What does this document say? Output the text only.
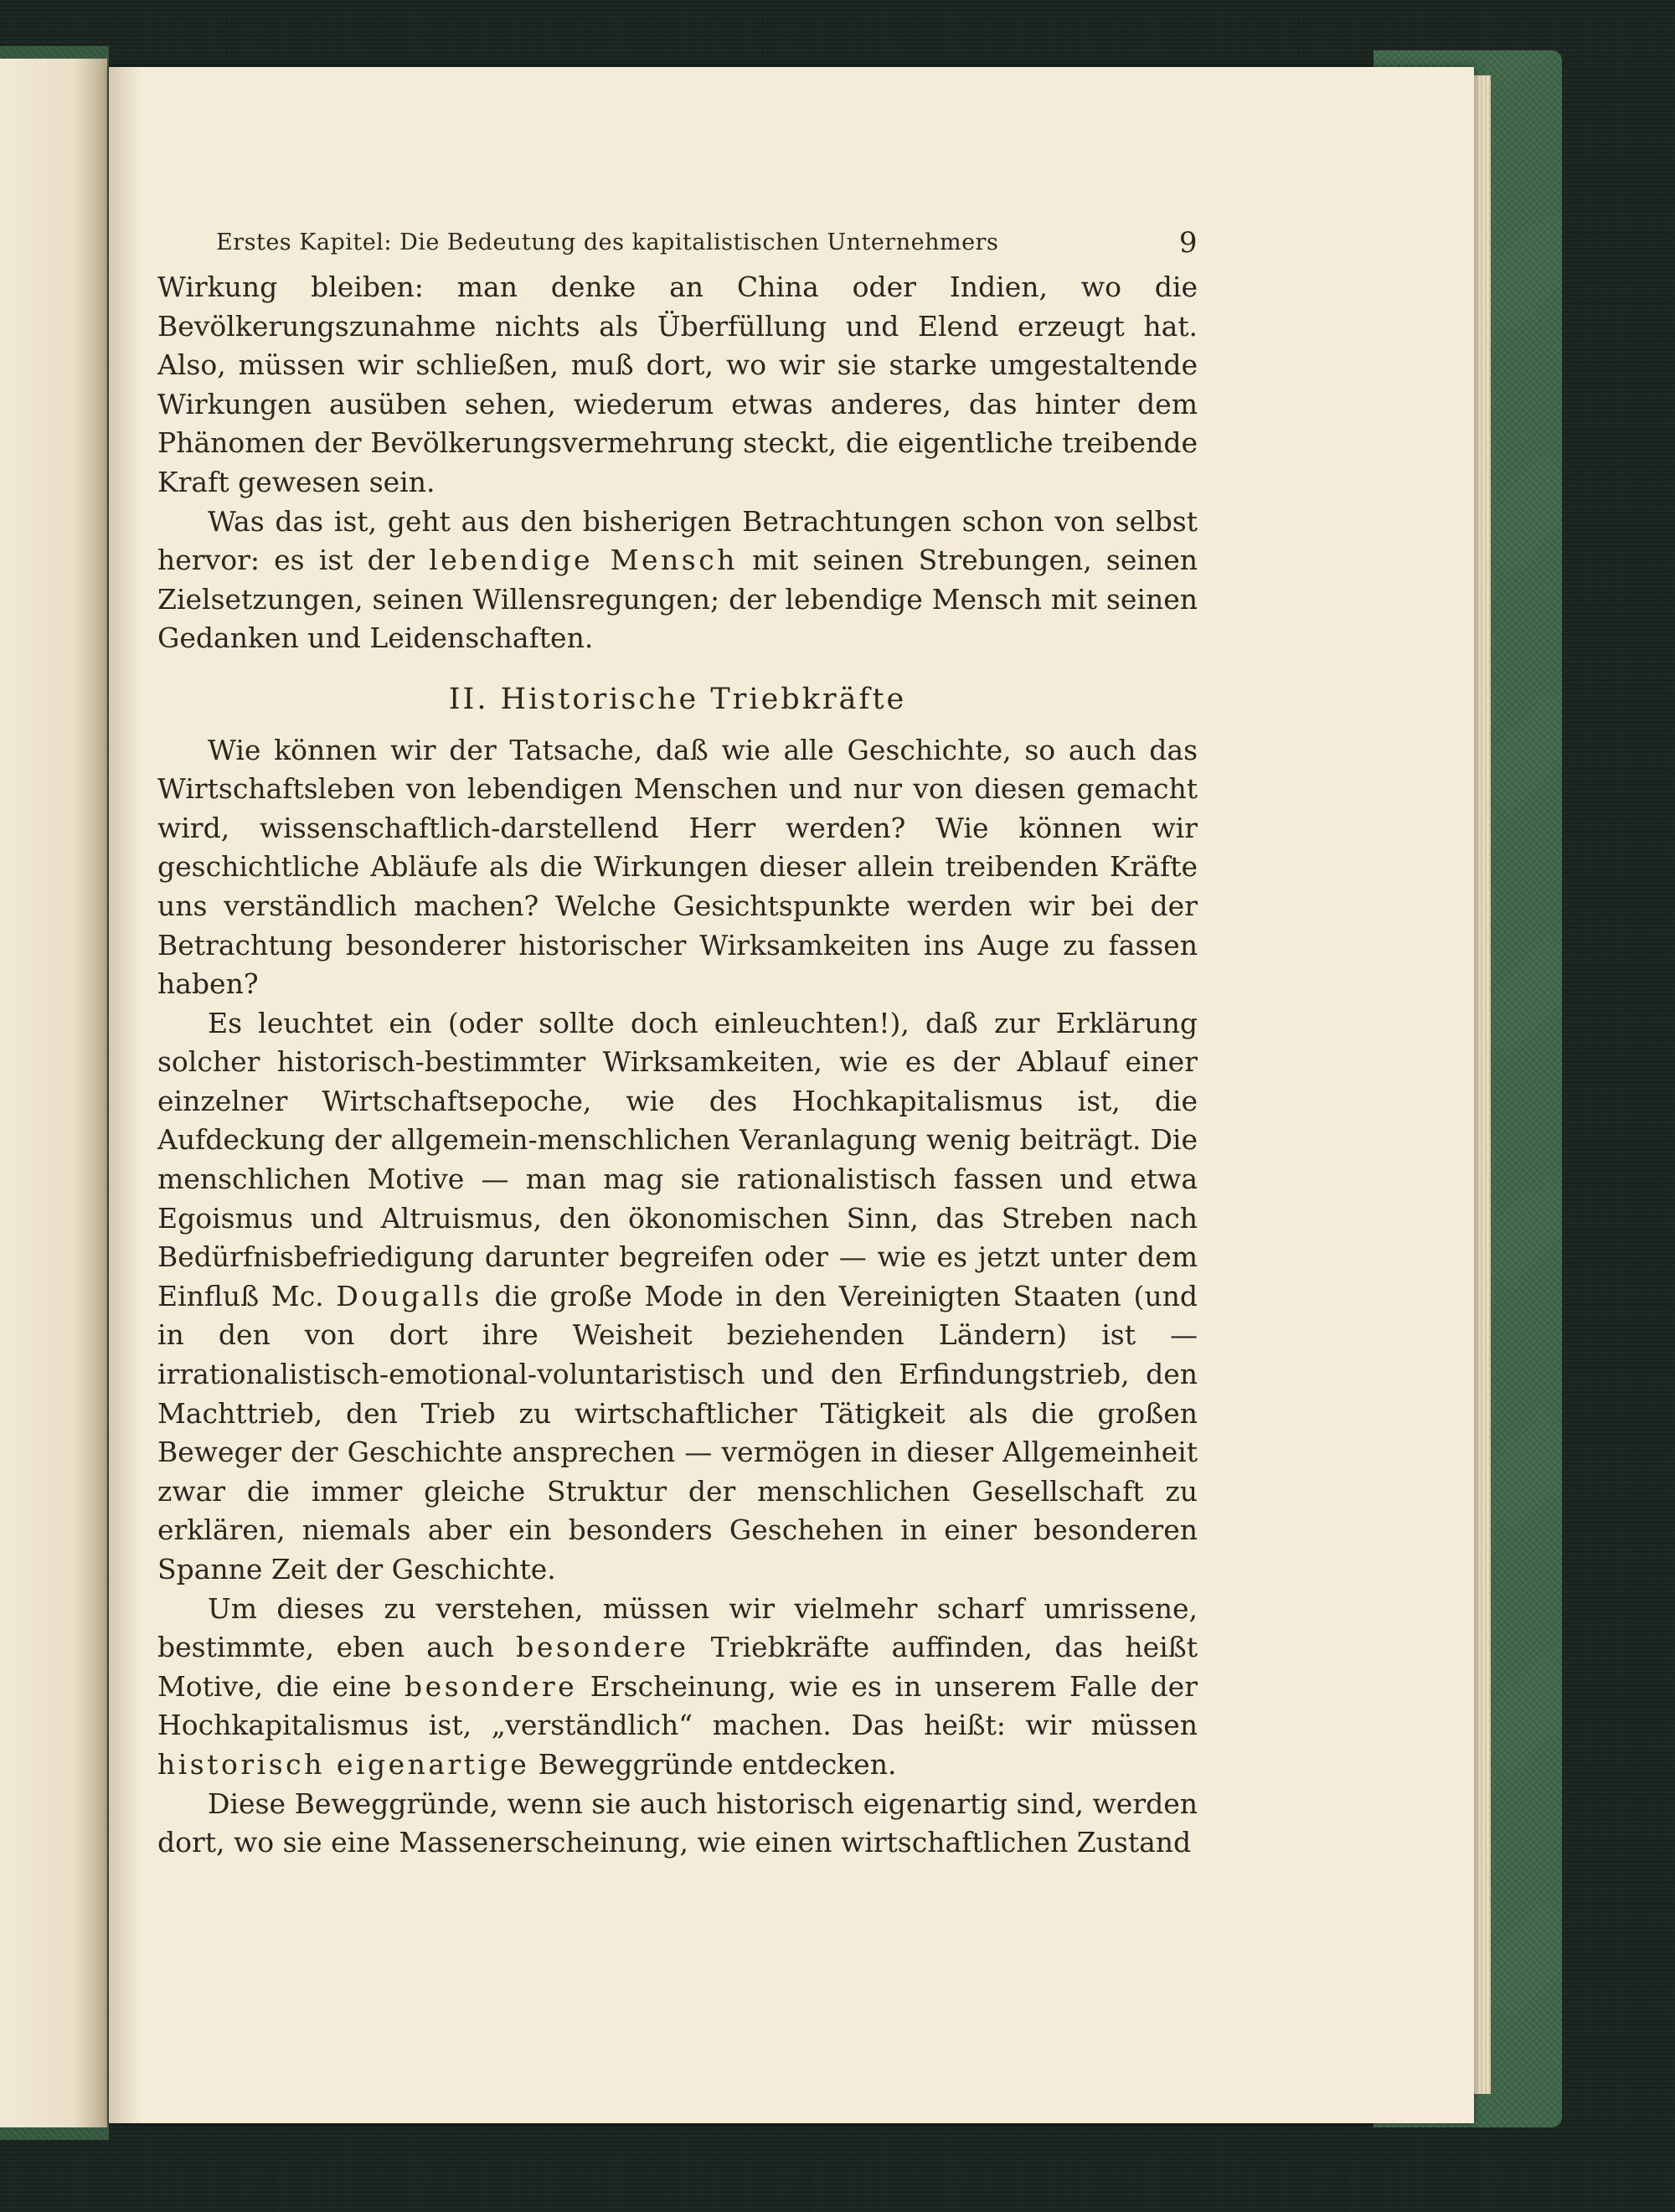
Erstes Kapitel: Die Bedeutung des kapitalistischen Unternehmers	9

Wirkung bleiben: man denke an China oder Indien, wo die Bevölkerungszunahme nichts als Überfüllung und Elend erzeugt hat. Also, müssen wir schließen, muß dort, wo wir sie starke umgestaltende Wirkungen ausüben sehen, wiederum etwas anderes, das hinter dem Phänomen der Bevölkerungsvermehrung steckt, die eigentliche treibende Kraft gewesen sein.

Was das ist, geht aus den bisherigen Betrachtungen schon von selbst hervor: es ist der lebendige Mensch mit seinen Strebungen, seinen Zielsetzungen, seinen Willensregungen; der lebendige Mensch mit seinen Gedanken und Leidenschaften.

II. Historische Triebkräfte

Wie können wir der Tatsache, daß wie alle Geschichte, so auch das Wirtschaftsleben von lebendigen Menschen und nur von diesen gemacht wird, wissenschaftlich-darstellend Herr werden? Wie können wir geschichtliche Abläufe als die Wirkungen dieser allein treibenden Kräfte uns verständlich machen? Welche Gesichtspunkte werden wir bei der Betrachtung besonderer historischer Wirksamkeiten ins Auge zu fassen haben?

Es leuchtet ein (oder sollte doch einleuchten!), daß zur Erklärung solcher historisch-bestimmter Wirksamkeiten, wie es der Ablauf einer einzelner Wirtschaftsepoche, wie des Hochkapitalismus ist, die Aufdeckung der allgemein-menschlichen Veranlagung wenig beiträgt. Die menschlichen Motive — man mag sie rationalistisch fassen und etwa Egoismus und Altruismus, den ökonomischen Sinn, das Streben nach Bedürfnisbefriedigung darunter begreifen oder — wie es jetzt unter dem Einfluß Mc. Dougalls die große Mode in den Vereinigten Staaten (und in den von dort ihre Weisheit beziehenden Ländern) ist — irrationalistisch-emotional-voluntaristisch und den Erfindungstrieb, den Machttrieb, den Trieb zu wirtschaftlicher Tätigkeit als die großen Beweger der Geschichte ansprechen — vermögen in dieser Allgemeinheit zwar die immer gleiche Struktur der menschlichen Gesellschaft zu erklären, niemals aber ein besonders Geschehen in einer besonderen Spanne Zeit der Geschichte.

Um dieses zu verstehen, müssen wir vielmehr scharf umrissene, bestimmte, eben auch besondere Triebkräfte auffinden, das heißt Motive, die eine besondere Erscheinung, wie es in unserem Falle der Hochkapitalismus ist, „verständlich“ machen. Das heißt: wir müssen historisch eigenartige Beweggründe entdecken.

Diese Beweggründe, wenn sie auch historisch eigenartig sind, werden dort, wo sie eine Massenerscheinung, wie einen wirtschaftlichen Zustand
